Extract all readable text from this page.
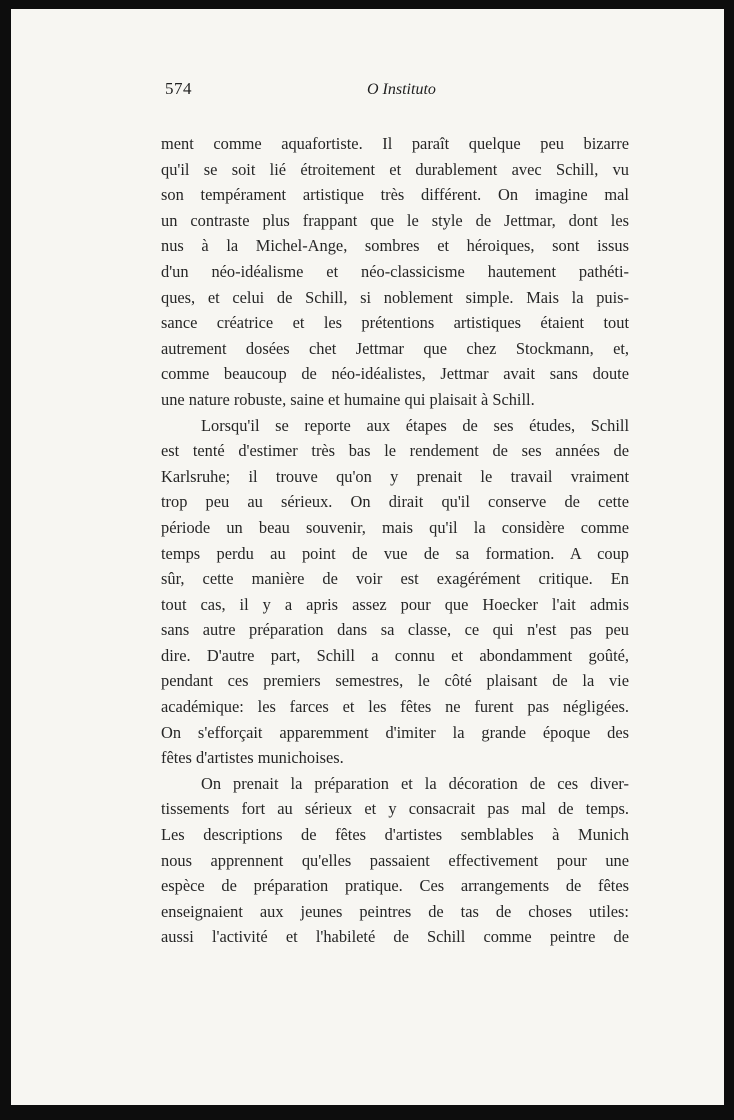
574	O Instituto
ment comme aquafortiste. Il paraît quelque peu bizarre
qu'il se soit lié étroitement et durablement avec Schill, vu
son tempérament artistique très différent. On imagine mal
un contraste plus frappant que le style de Jettmar, dont les
nus à la Michel-Ange, sombres et héroiques, sont issus
d'un néo-idéalisme et néo-classicisme hautement pathéti-
ques, et celui de Schill, si noblement simple. Mais la puis-
sance créatrice et les prétentions artistiques étaient tout
autrement dosées chet Jettmar que chez Stockmann, et,
comme beaucoup de néo-idéalistes, Jettmar avait sans doute
une nature robuste, saine et humaine qui plaisait à Schill.
Lorsqu'il se reporte aux étapes de ses études, Schill
est tenté d'estimer très bas le rendement de ses années de
Karlsruhe; il trouve qu'on y prenait le travail vraiment
trop peu au sérieux. On dirait qu'il conserve de cette
période un beau souvenir, mais qu'il la considère comme
temps perdu au point de vue de sa formation. A coup
sûr, cette manière de voir est exagérément critique. En
tout cas, il y a apris assez pour que Hoecker l'ait admis
sans autre préparation dans sa classe, ce qui n'est pas peu
dire. D'autre part, Schill a connu et abondamment goûté,
pendant ces premiers semestres, le côté plaisant de la vie
académique: les farces et les fêtes ne furent pas négligées.
On s'efforçait apparemment d'imiter la grande époque des
fêtes d'artistes munichoises.
On prenait la préparation et la décoration de ces diver-
tissements fort au sérieux et y consacrait pas mal de temps.
Les descriptions de fêtes d'artistes semblables à Munich
nous apprennent qu'elles passaient effectivement pour une
espèce de préparation pratique. Ces arrangements de fêtes
enseignaient aux jeunes peintres de tas de choses utiles:
aussi l'activité et l'habileté de Schill comme peintre de
